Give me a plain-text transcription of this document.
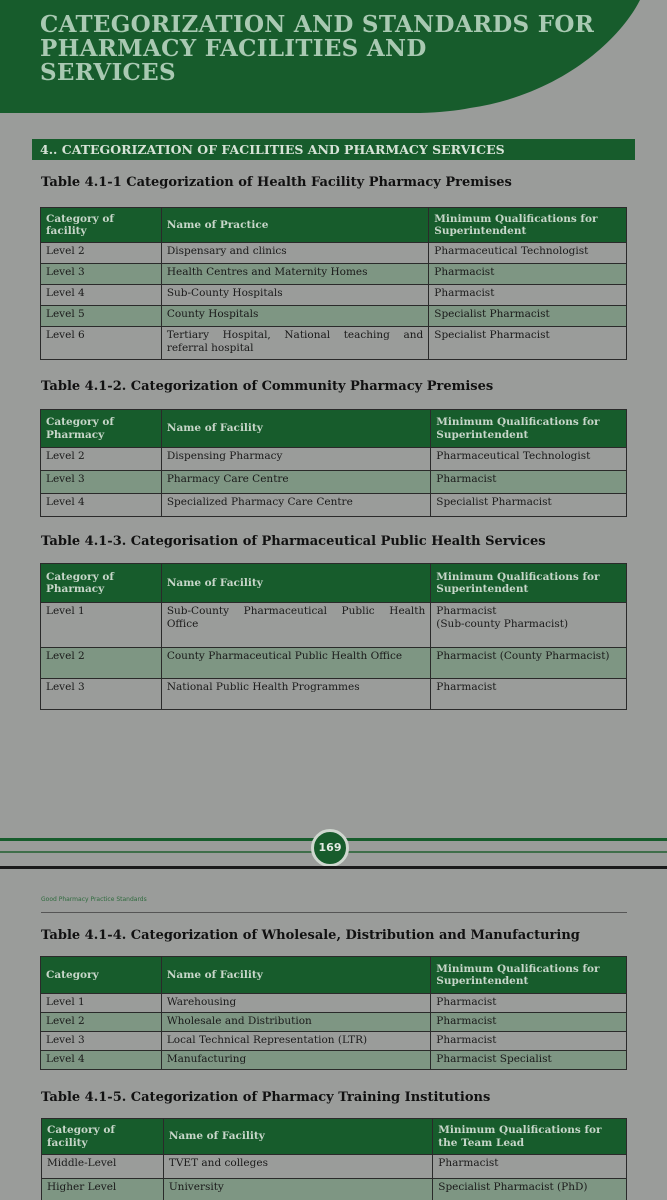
CATEGORIZATION AND STANDARDS FOR
PHARMACY FACILITIES AND
SERVICES
4.. CATEGORIZATION OF FACILITIES AND PHARMACY SERVICES
Table 4.1-1 Categorization of Health Facility Pharmacy Premises
Category of facility	Name of Practice	Minimum Qualifications for Superintendent
Level 2	Dispensary and clinics	Pharmaceutical Technologist
Level 3	Health Centres and Maternity Homes	Pharmacist
Level 4	Sub-County Hospitals	Pharmacist
Level 5	County Hospitals	Specialist Pharmacist
Level 6	Tertiary Hospital, National teaching and referral hospital	Specialist Pharmacist
Table 4.1-2. Categorization of Community Pharmacy Premises
Category of Pharmacy	Name of Facility	Minimum Qualifications for Superintendent
Level 2	Dispensing Pharmacy	Pharmaceutical Technologist
Level 3	Pharmacy Care Centre	Pharmacist
Level 4	Specialized Pharmacy Care Centre	Specialist Pharmacist
Table 4.1-3. Categorisation of Pharmaceutical Public Health Services
Category of Pharmacy	Name of Facility	Minimum Qualifications for Superintendent
Level 1	Sub-County Pharmaceutical Public Health Office	Pharmacist
(Sub-county Pharmacist)
Level 2	County Pharmaceutical Public Health Office	Pharmacist (County Pharmacist)
Level 3	National Public Health Programmes	Pharmacist
169
Good Pharmacy Practice Standards
Table 4.1-4. Categorization of Wholesale, Distribution and Manufacturing
Category	Name of Facility	Minimum Qualifications for Superintendent
Level 1	Warehousing	Pharmacist
Level 2	Wholesale and Distribution	Pharmacist
Level 3	Local Technical Representation (LTR)	Pharmacist
Level 4	Manufacturing	Pharmacist Specialist
Table 4.1-5. Categorization of Pharmacy Training Institutions
Category of facility	Name of Facility	Minimum Qualifications for the Team Lead
Middle-Level	TVET and colleges	Pharmacist
Higher Level	University	Specialist Pharmacist (PhD)
